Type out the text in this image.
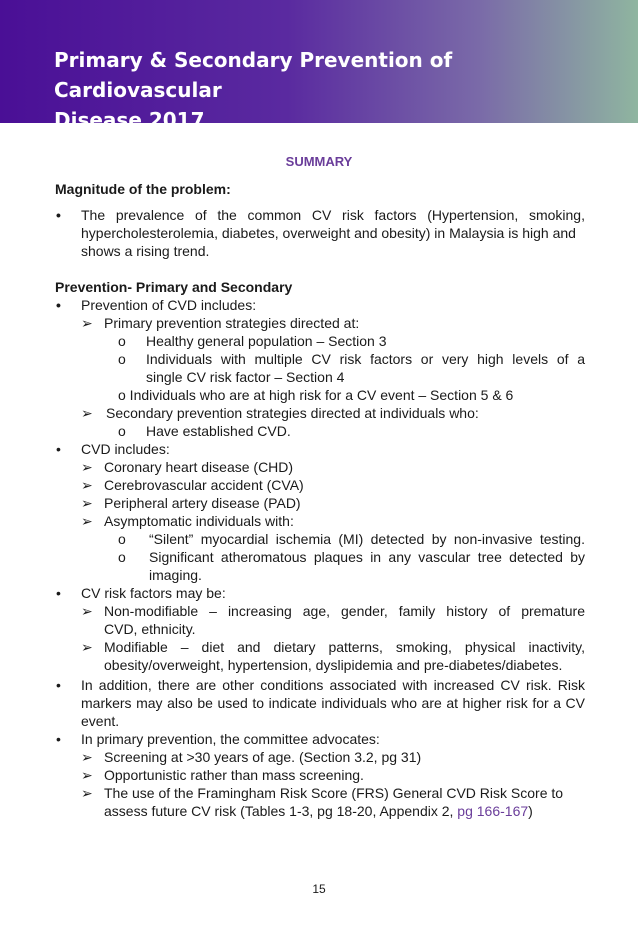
Primary & Secondary Prevention of Cardiovascular
Disease 2017
SUMMARY
Magnitude of the problem:
• The prevalence of the common CV risk factors (Hypertension, smoking,
hypercholesterolemia, diabetes, overweight and obesity) in Malaysia is high and
shows a rising trend.
Prevention- Primary and Secondary
• Prevention of CVD includes:
➢ Primary prevention strategies directed at:
o Healthy general population – Section 3
o Individuals with multiple CV risk factors or very high levels of a
single CV risk factor – Section 4
o Individuals who are at high risk for a CV event – Section 5 & 6
➢ Secondary prevention strategies directed at individuals who:
o Have established CVD.
• CVD includes:
➢ Coronary heart disease (CHD)
➢ Cerebrovascular accident (CVA)
➢ Peripheral artery disease (PAD)
➢ Asymptomatic individuals with:
o “Silent” myocardial ischemia (MI) detected by non-invasive testing.
o Significant atheromatous plaques in any vascular tree detected by
imaging.
• CV risk factors may be:
➢ Non-modifiable – increasing age, gender, family history of premature
CVD, ethnicity.
➢ Modifiable – diet and dietary patterns, smoking, physical inactivity,
obesity/overweight, hypertension, dyslipidemia and pre-diabetes/diabetes.
• In addition, there are other conditions associated with increased CV risk. Risk
markers may also be used to indicate individuals who are at higher risk for a CV
event.
• In primary prevention, the committee advocates:
➢ Screening at >30 years of age. (Section 3.2, pg 31)
➢ Opportunistic rather than mass screening.
➢ The use of the Framingham Risk Score (FRS) General CVD Risk Score to
assess future CV risk (Tables 1-3, pg 18-20, Appendix 2, pg 166-167)
15
